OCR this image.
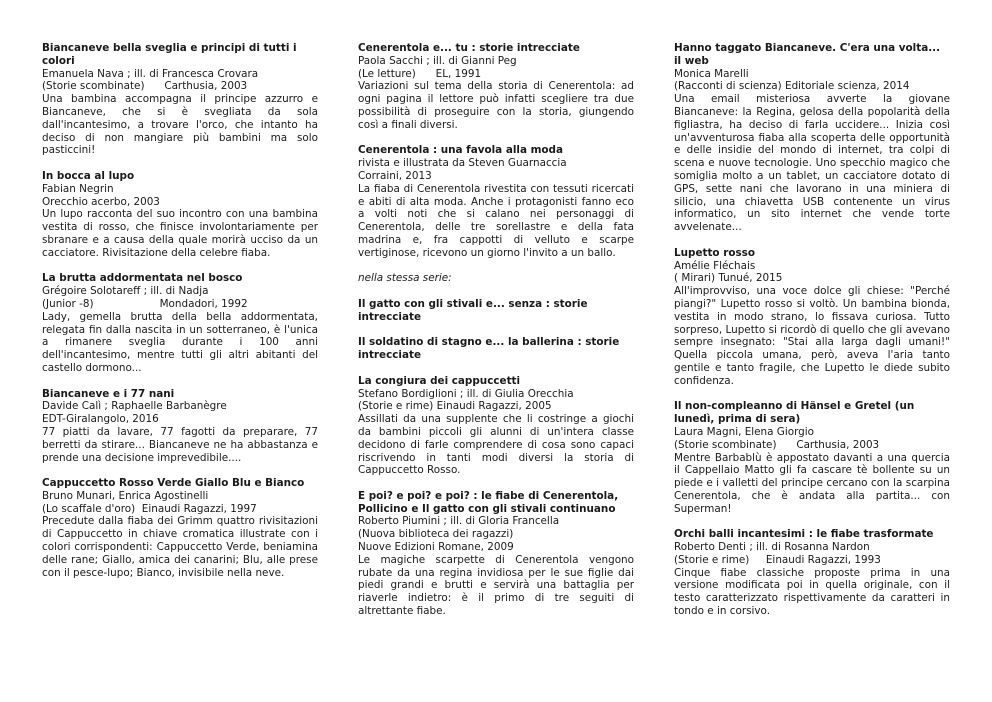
Biancaneve bella sveglia e principi di tutti i colori
Emanuela Nava ; ill. di Francesca Crovara
(Storie scombinate)      Carthusia, 2003
Una bambina accompagna il principe azzurro e Biancaneve, che si è svegliata da sola dall'incantesimo, a trovare l'orco, che intanto ha deciso di non mangiare più bambini ma solo pasticcini!
In bocca al lupo
Fabian Negrin
Orecchio acerbo, 2003
Un lupo racconta del suo incontro con una bambina vestita di rosso, che finisce involontariamente per sbranare e a causa della quale morirà ucciso da un cacciatore. Rivisitazione della celebre fiaba.
La brutta addormentata nel bosco
Grégoire Solotareff ; ill. di Nadja
(Junior -8)                    Mondadori, 1992
Lady, gemella brutta della bella addormentata, relegata fin dalla nascita in un sotterraneo, è l'unica a rimanere sveglia durante i 100 anni dell'incantesimo, mentre tutti gli altri abitanti del castello dormono...
Biancaneve e i 77 nani
Davide Calì ; Raphaelle Barbanègre
EDT-Giralangolo, 2016
77 piatti da lavare, 77 fagotti da preparare, 77 berretti da stirare... Biancaneve ne ha abbastanza e prende una decisione imprevedibile....
Cappuccetto Rosso Verde Giallo Blu e Bianco
Bruno Munari, Enrica Agostinelli
(Lo scaffale d'oro)  Einaudi Ragazzi, 1997
Precedute dalla fiaba dei Grimm quattro rivisitazioni di Cappuccetto in chiave cromatica illustrate con i colori corrispondenti: Cappuccetto Verde, beniamina delle rane; Giallo, amica dei canarini; Blu, alle prese con il pesce-lupo; Bianco, invisibile nella neve.
Cenerentola e... tu : storie intrecciate
Paola Sacchi ; ill. di Gianni Peg
(Le letture)      EL, 1991
Variazioni sul tema della storia di Cenerentola: ad ogni pagina il lettore può infatti scegliere tra due possibilità di proseguire con la storia, giungendo così a finali diversi.
Cenerentola : una favola alla moda
rivista e illustrata da Steven Guarnaccia
Corraini, 2013
La fiaba di Cenerentola rivestita con tessuti ricercati e abiti di alta moda. Anche i protagonisti fanno eco a volti noti che si calano nei personaggi di Cenerentola, delle tre sorellastre e della fata madrina e, fra cappotti di velluto e scarpe vertiginose, ricevono un giorno l'invito a un ballo.
nella stessa serie:
Il gatto con gli stivali e... senza : storie intrecciate
Il soldatino di stagno e... la ballerina : storie intrecciate
La congiura dei cappuccetti
Stefano Bordiglioni ; ill. di Giulia Orecchia
(Storie e rime) Einaudi Ragazzi, 2005
Assillati da una supplente che li costringe a giochi da bambini piccoli gli alunni di un'intera classe decidono di farle comprendere di cosa sono capaci riscrivendo in tanti modi diversi la storia di Cappuccetto Rosso.
E poi? e poi? e poi? : le fiabe di Cenerentola, Pollicino e Il gatto con gli stivali continuano
Roberto Piumini ; ill. di Gloria Francella
(Nuova biblioteca dei ragazzi)
Nuove Edizioni Romane, 2009
Le magiche scarpette di Cenerentola vengono rubate da una regina invidiosa per le sue figlie dai piedi grandi e brutti e servirà una battaglia per riaverle indietro: è il primo di tre seguiti di altrettante fiabe.
Hanno taggato Biancaneve. C'era una volta... il web
Monica Marelli
(Racconti di scienza) Editoriale scienza, 2014
Una email misteriosa avverte la giovane Biancaneve: la Regina, gelosa della popolarità della figliastra, ha deciso di farla uccidere... Inizia così un'avventurosa fiaba alla scoperta delle opportunità e delle insidie del mondo di internet, tra colpi di scena e nuove tecnologie. Uno specchio magico che somiglia molto a un tablet, un cacciatore dotato di GPS, sette nani che lavorano in una miniera di silicio, una chiavetta USB contenente un virus informatico, un sito internet che vende torte avvelenate...
Lupetto rosso
Amélie Fléchais
( Mirari) Tunué, 2015
All'improvviso, una voce dolce gli chiese: "Perché piangi?" Lupetto rosso si voltò. Un bambina bionda, vestita in modo strano, lo fissava curiosa. Tutto sorpreso, Lupetto si ricordò di quello che gli avevano sempre insegnato: "Stai alla larga dagli umani!" Quella piccola umana, però, aveva l'aria tanto gentile e tanto fragile, che Lupetto le diede subito confidenza.
Il non-compleanno di Hänsel e Gretel (un lunedì, prima di sera)
Laura Magni, Elena Giorgio
(Storie scombinate)      Carthusia, 2003
Mentre Barbablù è appostato davanti a una quercia il Cappellaio Matto gli fa cascare tè bollente su un piede e i valletti del principe cercano con la scarpina Cenerentola, che è andata alla partita... con Superman!
Orchi balli incantesimi : le fiabe trasformate
Roberto Denti ; ill. di Rosanna Nardon
(Storie e rime)     Einaudi Ragazzi, 1993
Cinque fiabe classiche proposte prima in una versione modificata poi in quella originale, con il testo caratterizzato rispettivamente da caratteri in tondo e in corsivo.
